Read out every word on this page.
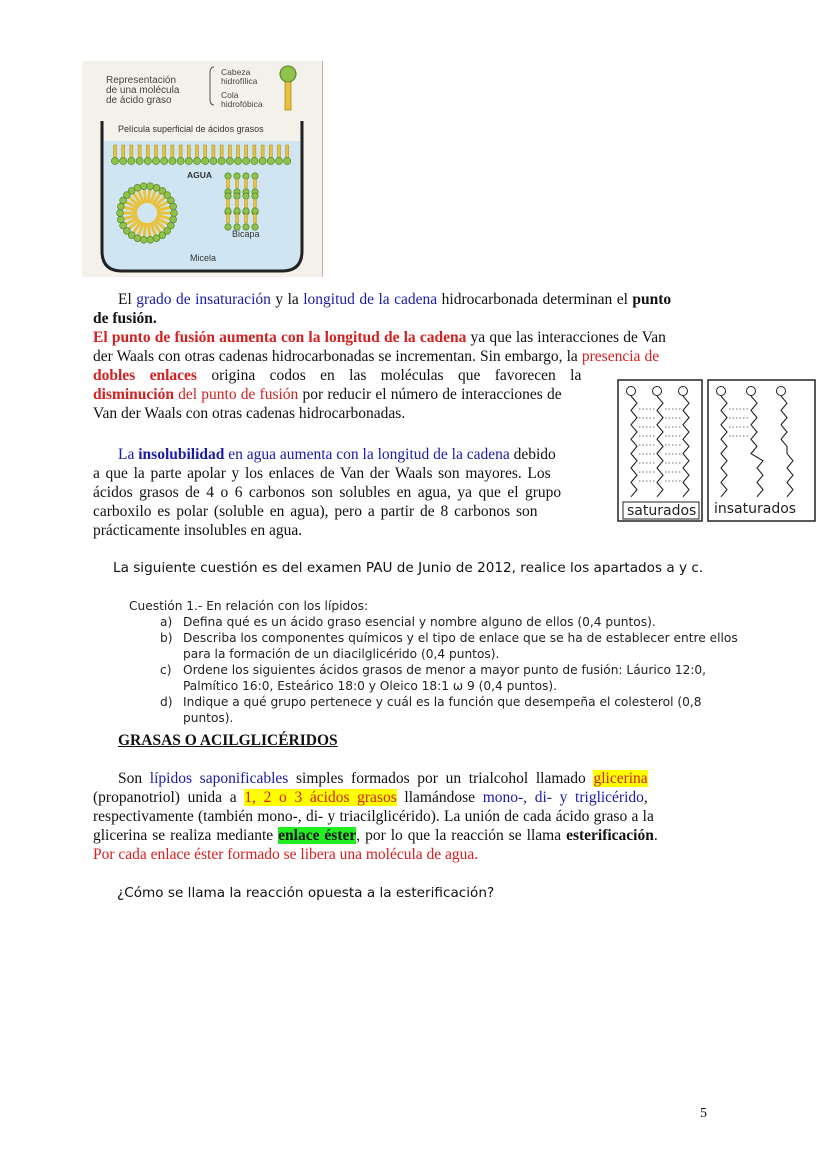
Representación
de una molécula
de ácido graso
Cabeza
hidrofílica
Cola
hidrofóbica
Película superficial de ácidos grasos
AGUA
Bicapa
Micela
El grado de insaturación y la longitud de la cadena hidrocarbonada determinan el punto
de fusión.
El punto de fusión aumenta con la longitud de la cadena ya que las interacciones de Van
der Waals con otras cadenas hidrocarbonadas se incrementan. Sin embargo, la presencia de
dobles enlaces origina codos en las moléculas que favorecen la
disminución del punto de fusión por reducir el número de interacciones de
Van der Waals con otras cadenas hidrocarbonadas.
La insolubilidad en agua aumenta con la longitud de la cadena debido
a que la parte apolar y los enlaces de Van der Waals son mayores. Los
ácidos grasos de 4 o 6 carbonos son solubles en agua, ya que el grupo
carboxilo es polar (soluble en agua), pero a partir de 8 carbonos son
prácticamente insolubles en agua.
saturados insaturados
La siguiente cuestión es del examen PAU de Junio de 2012, realice los apartados a y c.
Cuestión 1.- En relación con los lípidos:
a) Defina qué es un ácido graso esencial y nombre alguno de ellos (0,4 puntos).
b) Describa los componentes químicos y el tipo de enlace que se ha de establecer entre ellos
para la formación de un diacilglicérido (0,4 puntos).
c) Ordene los siguientes ácidos grasos de menor a mayor punto de fusión: Láurico 12:0,
Palmítico 16:0, Esteárico 18:0 y Oleico 18:1 ω 9 (0,4 puntos).
d) Indique a qué grupo pertenece y cuál es la función que desempeña el colesterol (0,8
puntos).
GRASAS O ACILGLICÉRIDOS
Son lípidos saponificables simples formados por un trialcohol llamado glicerina
(propanotriol) unida a 1, 2 o 3 ácidos grasos llamándose mono-, di- y triglicérido,
respectivamente (también mono-, di- y triacilglicérido). La unión de cada ácido graso a la
glicerina se realiza mediante enlace éster, por lo que la reacción se llama esterificación.
Por cada enlace éster formado se libera una molécula de agua.
¿Cómo se llama la reacción opuesta a la esterificación?
5
